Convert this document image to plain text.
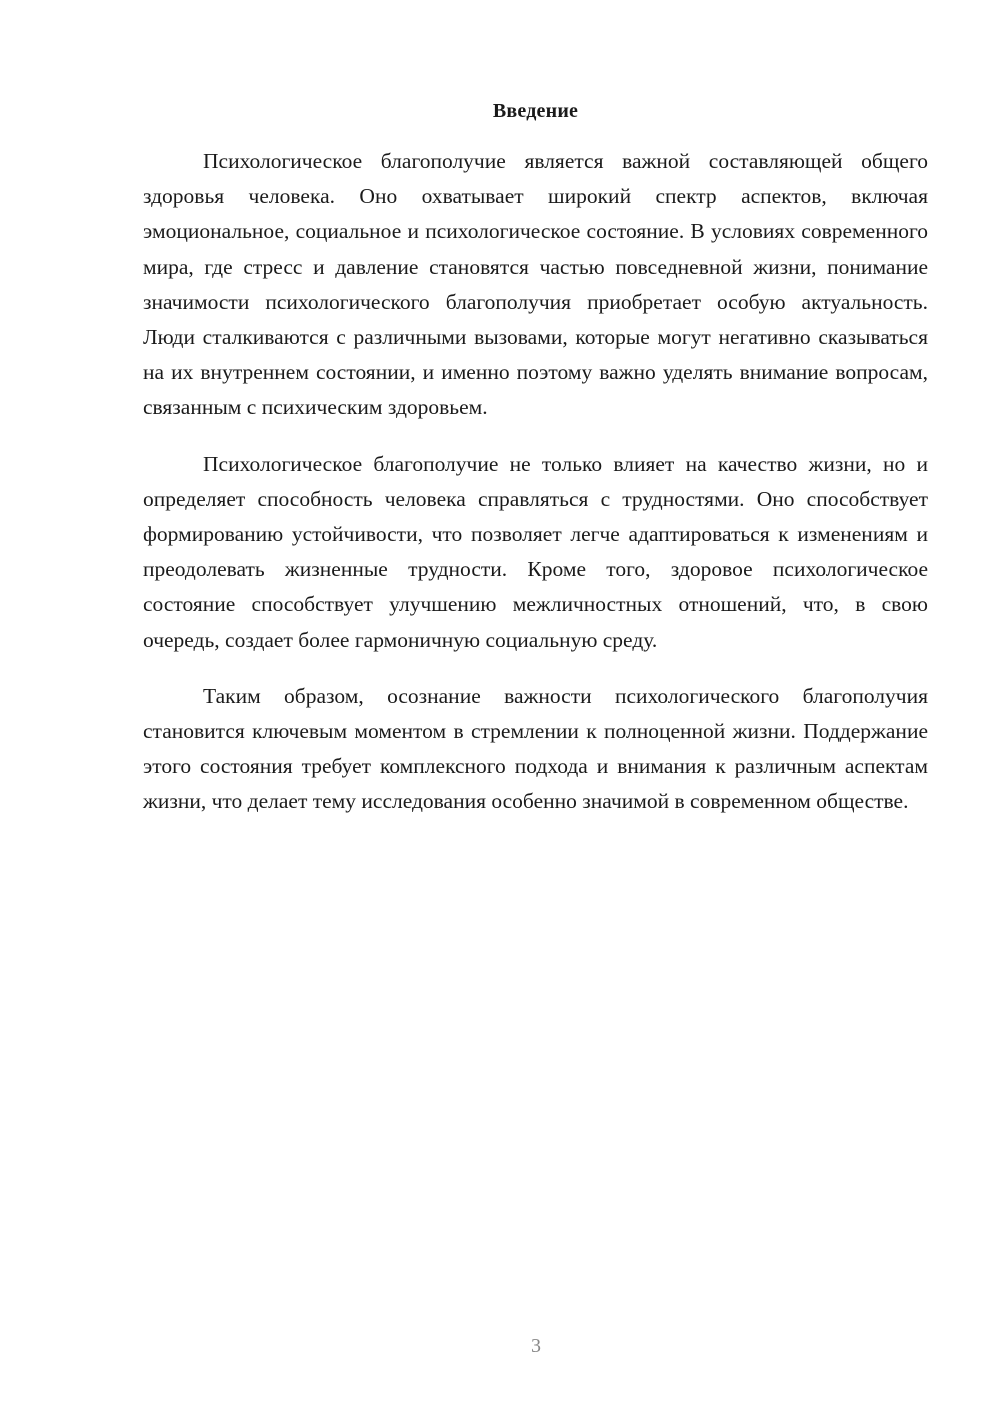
Введение

Психологическое благополучие является важной составляющей общего здоровья человека. Оно охватывает широкий спектр аспектов, включая эмоциональное, социальное и психологическое состояние. В условиях современного мира, где стресс и давление становятся частью повседневной жизни, понимание значимости психологического благополучия приобретает особую актуальность. Люди сталкиваются с различными вызовами, которые могут негативно сказываться на их внутреннем состоянии, и именно поэтому важно уделять внимание вопросам, связанным с психическим здоровьем.

Психологическое благополучие не только влияет на качество жизни, но и определяет способность человека справляться с трудностями. Оно способствует формированию устойчивости, что позволяет легче адаптироваться к изменениям и преодолевать жизненные трудности. Кроме того, здоровое психологическое состояние способствует улучшению межличностных отношений, что, в свою очередь, создает более гармоничную социальную среду.

Таким образом, осознание важности психологического благополучия становится ключевым моментом в стремлении к полноценной жизни. Поддержание этого состояния требует комплексного подхода и внимания к различным аспектам жизни, что делает тему исследования особенно значимой в современном обществе.

3
